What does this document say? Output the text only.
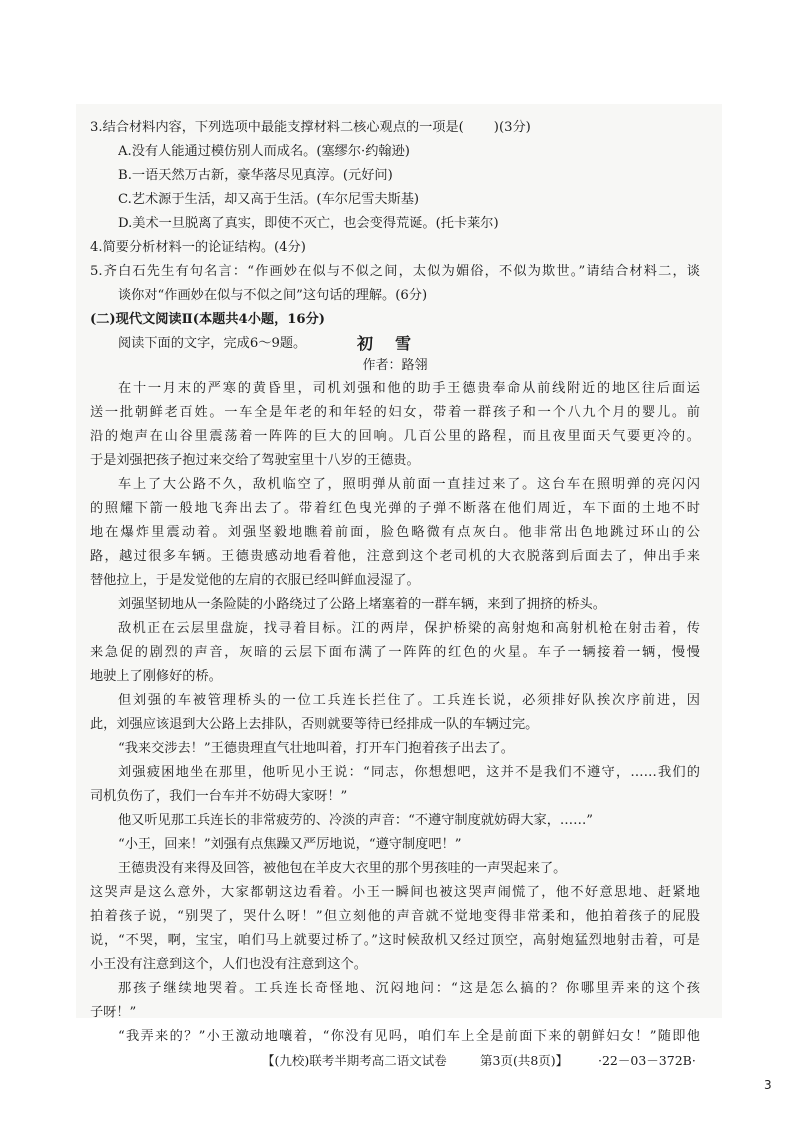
3.结合材料内容，下列选项中最能支撑材料二核心观点的一项是( )(3分)
A.没有人能通过模仿别人而成名。(塞缪尔·约翰逊)
B.一语天然万古新，豪华落尽见真淳。(元好问)
C.艺术源于生活，却又高于生活。(车尔尼雪夫斯基)
D.美术一旦脱离了真实，即使不灭亡，也会变得荒诞。(托卡莱尔)
4.简要分析材料一的论证结构。(4分)
5.齐白石先生有句名言：“作画妙在似与不似之间，太似为媚俗，不似为欺世。”请结合材料二，谈
谈你对“作画妙在似与不似之间”这句话的理解。(6分)
(二)现代文阅读Ⅱ(本题共4小题，16分)
阅读下面的文字，完成6～9题。	初雪
作者：路翎
在十一月末的严寒的黄昏里，司机刘强和他的助手王德贵奉命从前线附近的地区往后面运
送一批朝鲜老百姓。一车全是年老的和年轻的妇女，带着一群孩子和一个八九个月的婴儿。前
沿的炮声在山谷里震荡着一阵阵的巨大的回响。几百公里的路程，而且夜里面天气要更冷的。
于是刘强把孩子抱过来交给了驾驶室里十八岁的王德贵。
车上了大公路不久，敌机临空了，照明弹从前面一直挂过来了。这台车在照明弹的亮闪闪
的照耀下箭一般地飞奔出去了。带着红色曳光弹的子弹不断落在他们周近，车下面的土地不时
地在爆炸里震动着。刘强坚毅地瞧着前面，脸色略微有点灰白。他非常出色地跳过环山的公
路，越过很多车辆。王德贵感动地看着他，注意到这个老司机的大衣脱落到后面去了，伸出手来
替他拉上，于是发觉他的左肩的衣服已经叫鲜血浸湿了。
刘强坚韧地从一条险陡的小路绕过了公路上堵塞着的一群车辆，来到了拥挤的桥头。
敌机正在云层里盘旋，找寻着目标。江的两岸，保护桥梁的高射炮和高射机枪在射击着，传
来急促的剧烈的声音，灰暗的云层下面布满了一阵阵的红色的火星。车子一辆接着一辆，慢慢
地驶上了刚修好的桥。
但刘强的车被管理桥头的一位工兵连长拦住了。工兵连长说，必须排好队挨次序前进，因
此，刘强应该退到大公路上去排队，否则就要等待已经排成一队的车辆过完。
“我来交涉去！”王德贵理直气壮地叫着，打开车门抱着孩子出去了。
刘强疲困地坐在那里，他听见小王说：“同志，你想想吧，这并不是我们不遵守，……我们的
司机负伤了，我们一台车并不妨碍大家呀！”
他又听见那工兵连长的非常疲劳的、冷淡的声音：“不遵守制度就妨碍大家，……”
“小王，回来！”刘强有点焦躁又严厉地说，“遵守制度吧！”
王德贵没有来得及回答，被他包在羊皮大衣里的那个男孩哇的一声哭起来了。
这哭声是这么意外，大家都朝这边看着。小王一瞬间也被这哭声闹慌了，他不好意思地、赶紧地
拍着孩子说，“别哭了，哭什么呀！”但立刻他的声音就不觉地变得非常柔和，他拍着孩子的屁股
说，“不哭，啊，宝宝，咱们马上就要过桥了。”这时候敌机又经过顶空，高射炮猛烈地射击着，可是
小王没有注意到这个，人们也没有注意到这个。
那孩子继续地哭着。工兵连长奇怪地、沉闷地问：“这是怎么搞的？你哪里弄来的这个孩
子呀！”
“我弄来的？”小王激动地嚷着，“你没有见吗，咱们车上全是前面下来的朝鲜妇女！”随即他
【(九校)联考半期考高二语文试卷	第3页(共8页)】 ·22－03－372B·
3
